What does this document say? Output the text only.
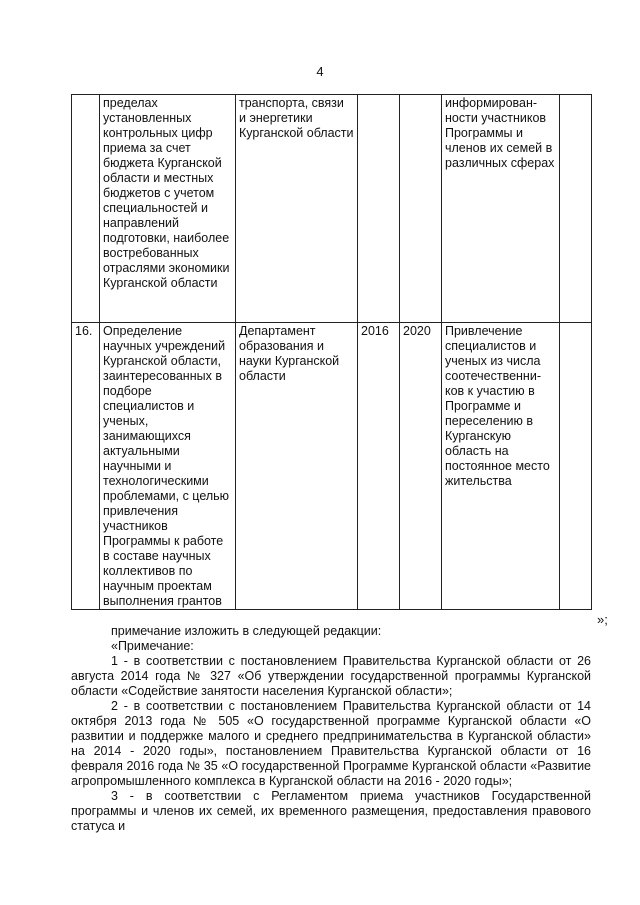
4
	пределах установленных контрольных цифр приема за счет бюджета Курганской области и местных бюджетов с учетом специальностей и направлений подготовки, наиболее востребованных отраслями экономики Курганской области	транспорта, связи и энергетики Курганской области			информирован-ности участников Программы и членов их семей в различных сферах	
16.	Определение научных учреждений Курганской области, заинтересованных в подборе специалистов и ученых, занимающихся актуальными научными и технологическими проблемами, с целью привлечения участников Программы к работе в составе научных коллективов по научным проектам выполнения грантов	Департамент образования и науки Курганской области	2016	2020	Привлечение специалистов и ученых из числа соотечественни-ков к участию в Программе и переселению в Курганскую область на постоянное место жительства	
»;

примечание изложить в следующей редакции:

«Примечание:

1 - в соответствии с постановлением Правительства Курганской области от 26 августа 2014 года № 327 «Об утверждении государственной программы Курганской области «Содействие занятости населения Курганской области»;

2 - в соответствии с постановлением Правительства Курганской области от 14 октября 2013 года № 505 «О государственной программе Курганской области «О развитии и поддержке малого и среднего предпринимательства в Курганской области» на 2014 - 2020 годы», постановлением Правительства Курганской области от 16 февраля 2016 года № 35 «О государственной Программе Курганской области «Развитие агропромышленного комплекса в Курганской области на 2016 - 2020 годы»;

3 - в соответствии с Регламентом приема участников Государственной программы и членов их семей, их временного размещения, предоставления правового статуса и
